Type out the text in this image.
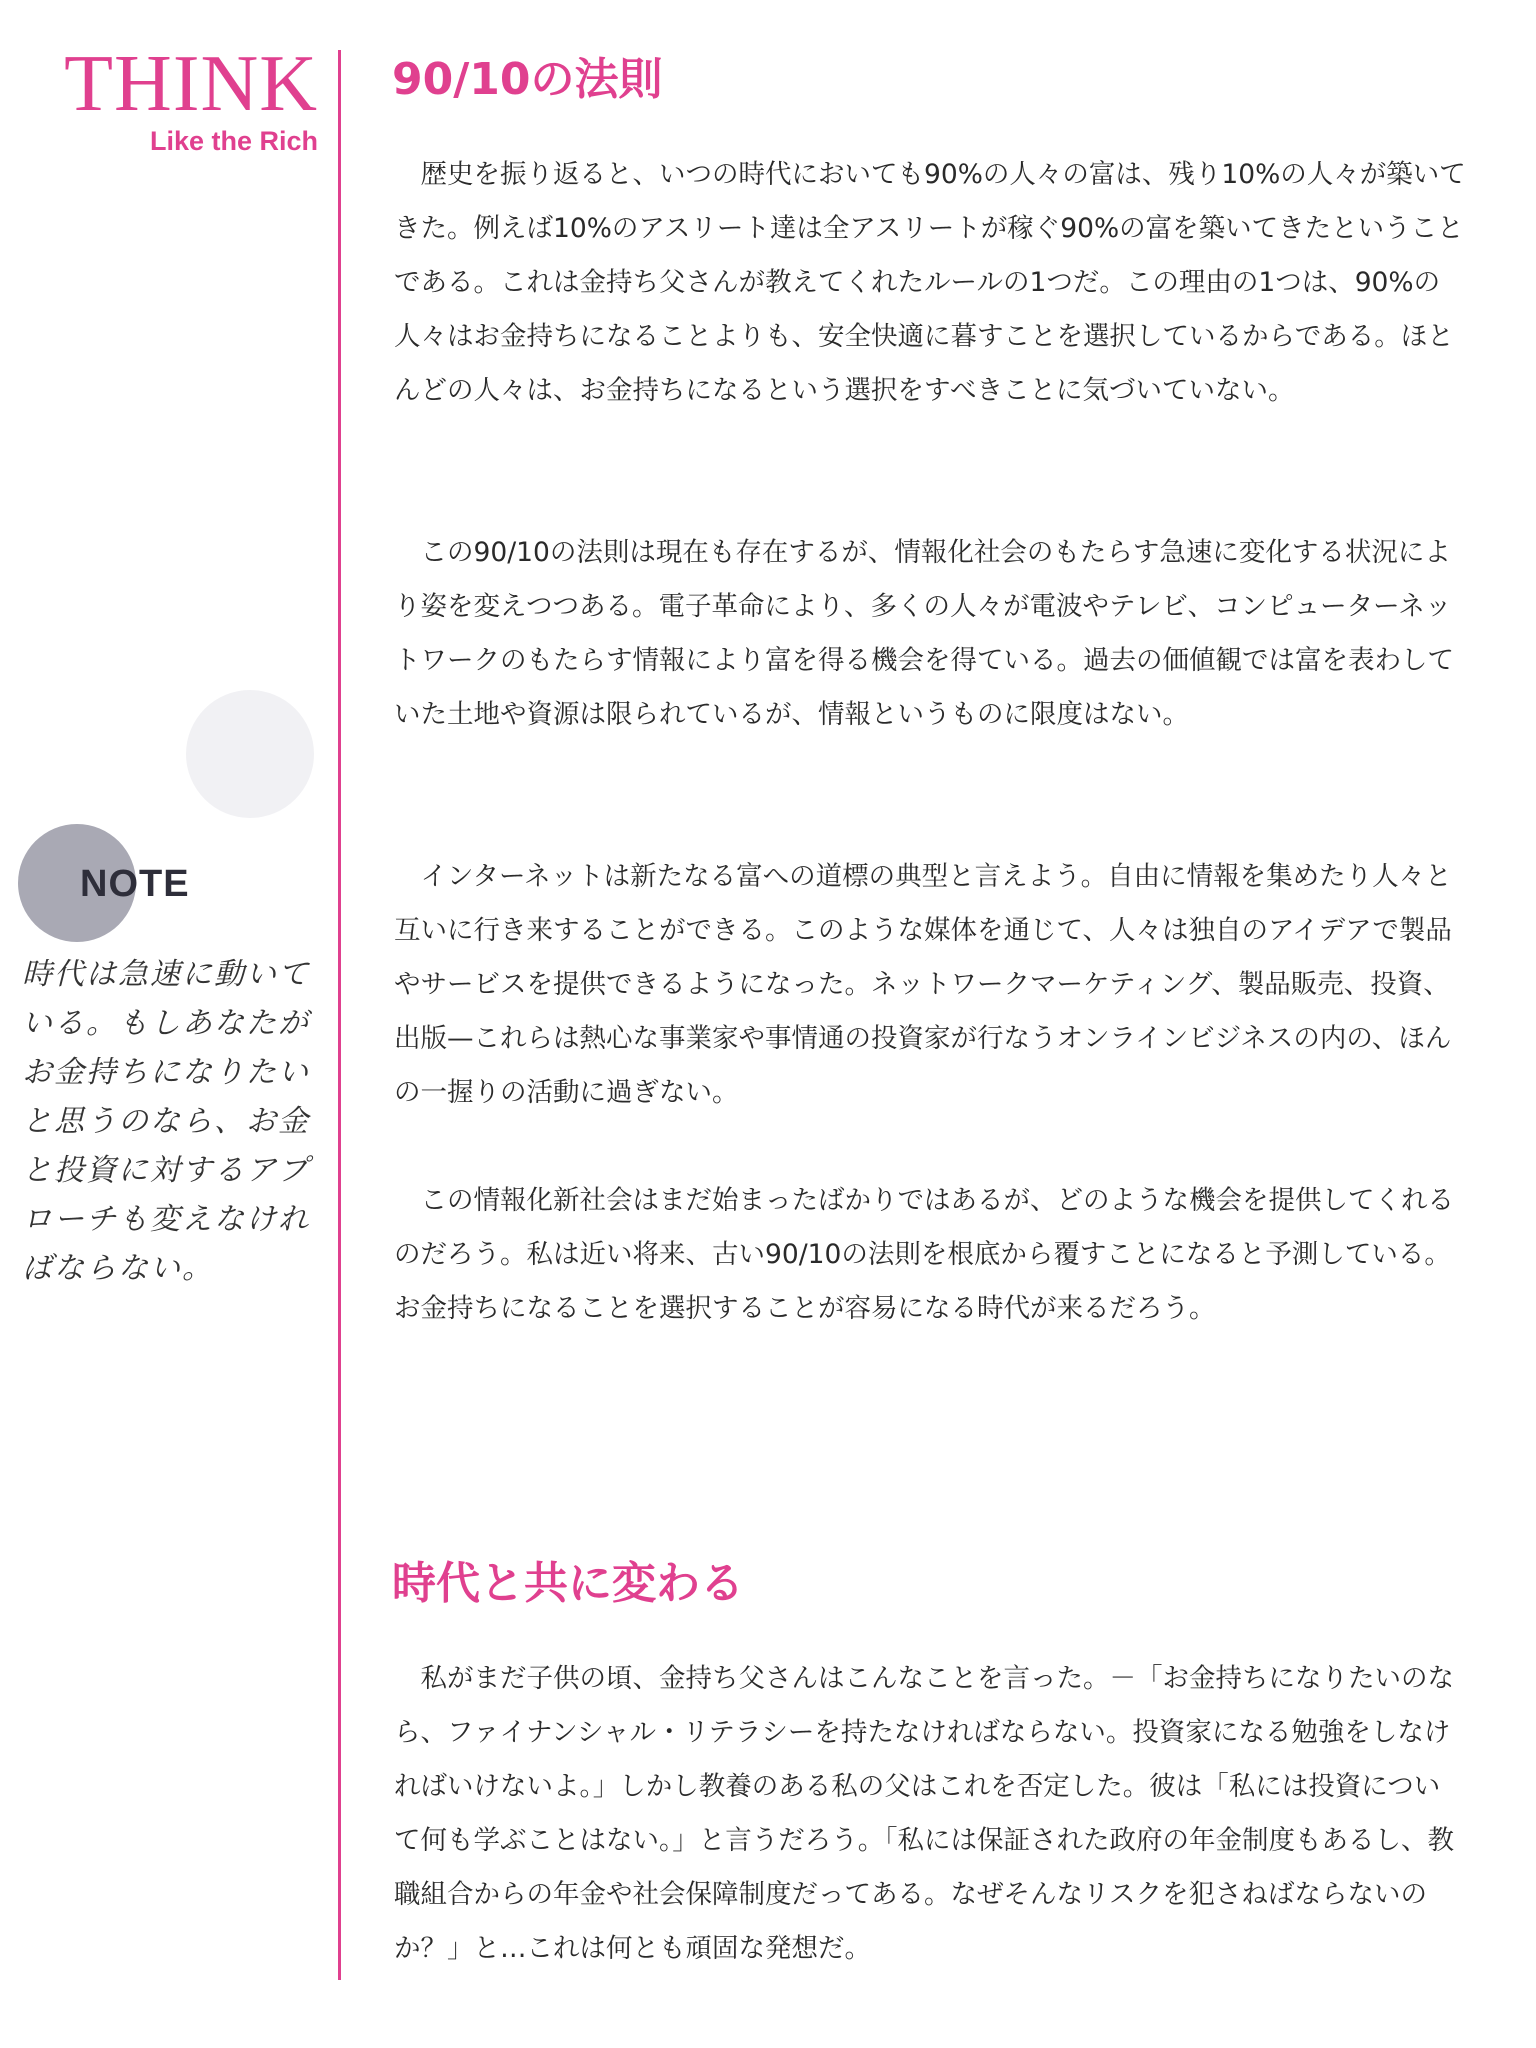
THINK
Like the Rich
NOTE

時代は急速に動いている。もしあなたがお金持ちになりたいと思うのなら、お金と投資に対するアプローチも変えなければならない。

90/10の法則

歴史を振り返ると、いつの時代においても90%の人々の富は、残り10%の人々が築いてきた。例えば10%のアスリート達は全アスリートが稼ぐ90%の富を築いてきたということである。これは金持ち父さんが教えてくれたルールの1つだ。この理由の1つは、90%の人々はお金持ちになることよりも、安全快適に暮すことを選択しているからである。ほとんどの人々は、お金持ちになるという選択をすべきことに気づいていない。

この90/10の法則は現在も存在するが、情報化社会のもたらす急速に変化する状況により姿を変えつつある。電子革命により、多くの人々が電波やテレビ、コンピューターネットワークのもたらす情報により富を得る機会を得ている。過去の価値観では富を表わしていた土地や資源は限られているが、情報というものに限度はない。

インターネットは新たなる富への道標の典型と言えよう。自由に情報を集めたり人々と互いに行き来することができる。このような媒体を通じて、人々は独自のアイデアで製品やサービスを提供できるようになった。ネットワークマーケティング、製品販売、投資、出版—これらは熱心な事業家や事情通の投資家が行なうオンラインビジネスの内の、ほんの一握りの活動に過ぎない。

この情報化新社会はまだ始まったばかりではあるが、どのような機会を提供してくれるのだろう。私は近い将来、古い90/10の法則を根底から覆すことになると予測している。お金持ちになることを選択することが容易になる時代が来るだろう。

時代と共に変わる

私がまだ子供の頃、金持ち父さんはこんなことを言った。－「お金持ちになりたいのなら、ファイナンシャル・リテラシーを持たなければならない。投資家になる勉強をしなければいけないよ。」しかし教養のある私の父はこれを否定した。彼は「私には投資について何も学ぶことはない。」と言うだろう。「私には保証された政府の年金制度もあるし、教職組合からの年金や社会保障制度だってある。なぜそんなリスクを犯さねばならないのか？」と…これは何とも頑固な発想だ。
